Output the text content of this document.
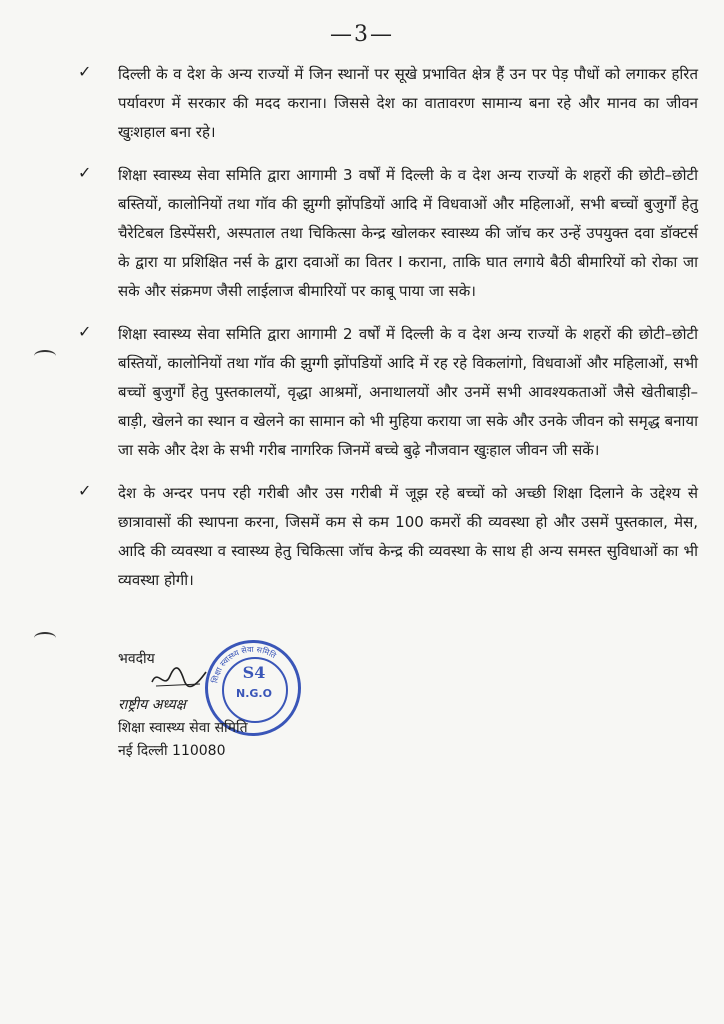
—3—
✓ दिल्ली के व देश के अन्य राज्यों में जिन स्थानों पर सूखे प्रभावित क्षेत्र हैं उन पर पेड़ पौधों को लगाकर हरित पर्यावरण में सरकार की मदद कराना। जिससे देश का वातावरण सामान्य बना रहे और मानव का जीवन खुःशहाल बना रहे।
✓ शिक्षा स्वास्थ्य सेवा समिति द्वारा आगामी 3 वर्षों में दिल्ली के व देश अन्य राज्यों के शहरों की छोटी–छोटी बस्तियों, कालोनियों तथा गॉव की झुग्गी झोंपडियों आदि में विधवाओं और महिलाओं, सभी बच्चों बुजुर्गों हेतु चैरेटिबल डिस्पेंसरी, अस्पताल तथा चिकित्सा केन्द्र खोलकर स्वास्थ्य की जॉच कर उन्हें उपयुक्त दवा डॉक्टर्स के द्वारा या प्रशिक्षित नर्स के द्वारा दवाओं का वितर I कराना, ताकि घात लगाये बैठी बीमारियों को रोका जा सके और संक्रमण जैसी लाईलाज बीमारियों पर काबू पाया जा सके।
✓ शिक्षा स्वास्थ्य सेवा समिति द्वारा आगामी 2 वर्षों में दिल्ली के व देश अन्य राज्यों के शहरों की छोटी–छोटी बस्तियों, कालोनियों तथा गॉव की झुग्गी झोंपडियों आदि में रह रहे विकलांगो, विधवाओं और महिलाओं, सभी बच्चों बुजुर्गों हेतु पुस्तकालयों, वृद्धा आश्रमों, अनाथालयों और उनमें सभी आवश्यकताओं जैसे खेतीबाड़ी–बाड़ी, खेलने का स्थान व खेलने का सामान को भी मुहिया कराया जा सके और उनके जीवन को समृद्ध बनाया जा सके और देश के सभी गरीब नागरिक जिनमें बच्चे बुढ़े नौजवान खुःहाल जीवन जी सकें।
✓ देश के अन्दर पनप रही गरीबी और उस गरीबी में जूझ रहे बच्चों को अच्छी शिक्षा दिलाने के उद्देश्य से छात्रावासों की स्थापना करना, जिसमें कम से कम 100 कमरों की व्यवस्था हो और उसमें पुस्तकाल, मेस, आदि की व्यवस्था व स्वास्थ्य हेतु चिकित्सा जॉच केन्द्र की व्यवस्था के साथ ही अन्य समस्त सुविधाओं का भी व्यवस्था होगी।
शिक्षा स्वास्थ्य सेवा समिति
S4
N.G.O
भवदीय
राष्ट्रीय अध्यक्ष
शिक्षा स्वास्थ्य सेवा समिति
नई दिल्ली 110080
